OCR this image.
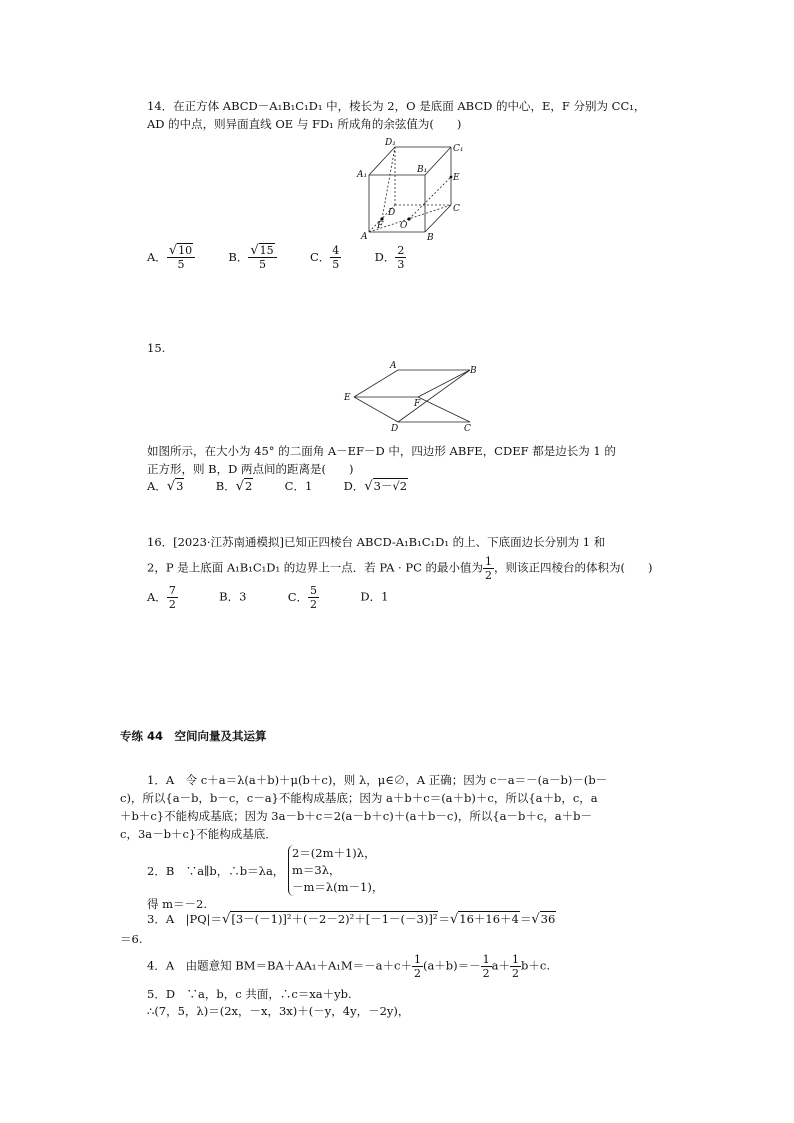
14．在正方体 ABCD－A₁B₁C₁D₁ 中，棱长为 2，O 是底面 ABCD 的中心，E，F 分别为 CC₁，
AD 的中点，则异面直线 OE 与 FD₁ 所成角的余弦值为(　　)
D₁
C₁
A₁	B₁
E
D	C
F O
A	B
A． $\frac{√10}{5}$	B． $\frac{√15}{5}$	C． $\frac{4}{5}$	D． $\frac{2}{3}$
15.
A	B
E
F
D	C
如图所示，在大小为 45° 的二面角 A－EF－D 中，四边形 ABFE，CDEF 都是边长为 1 的
正方形，则 B，D 两点间的距离是(　　)
A．√3	B．√2	C．1	D．√3－√2
16．[2023·江苏南通模拟]已知正四棱台 ABCD-A₁B₁C₁D₁ 的上、下底面边长分别为 1 和
2，P 是上底面 A₁B₁C₁D₁ 的边界上一点．若 PA · PC 的最小值为 $\frac{1}{2}$ ，则该正四棱台的体积为(　　)
A． $\frac{7}{2}$	B．3	C． $\frac{5}{2}$	D．1
专练 44　空间向量及其运算
1．A　令 c＋a＝λ(a＋b)＋μ(b＋c)，则 λ，μ∈∅，A 正确；因为 c－a＝－(a－b)－(b－
c)，所以{a－b，b－c，c－a}不能构成基底；因为 a＋b＋c＝(a＋b)＋c，所以{a＋b，c，a
＋b＋c}不能构成基底；因为 3a－b＋c＝2(a－b＋c)＋(a＋b－c)，所以{a－b＋c，a＋b－
c，3a－b＋c}不能构成基底．
2．B　∵a∥b，∴b＝λa，
2＝(2m＋1)λ，
m＝3λ，
－m＝λ(m－1)，
得 m＝－2.
3．A　|PQ|＝√[3－(－1)]²＋(－2－2)²＋[－1－(－3)]²＝√16＋16＋4＝√36
＝6.
4．A　由题意知 $BM=BA+AA_1+A_1M=-a+c+ \frac{1}{2} (a+b)=- \frac{1}{2} a+ \frac{1}{2} b+c$.
5．D　∵a，b，c 共面，∴c＝xa＋yb.
∴(7，5，λ)＝(2x，－x，3x)＋(－y，4y，－2y)，
